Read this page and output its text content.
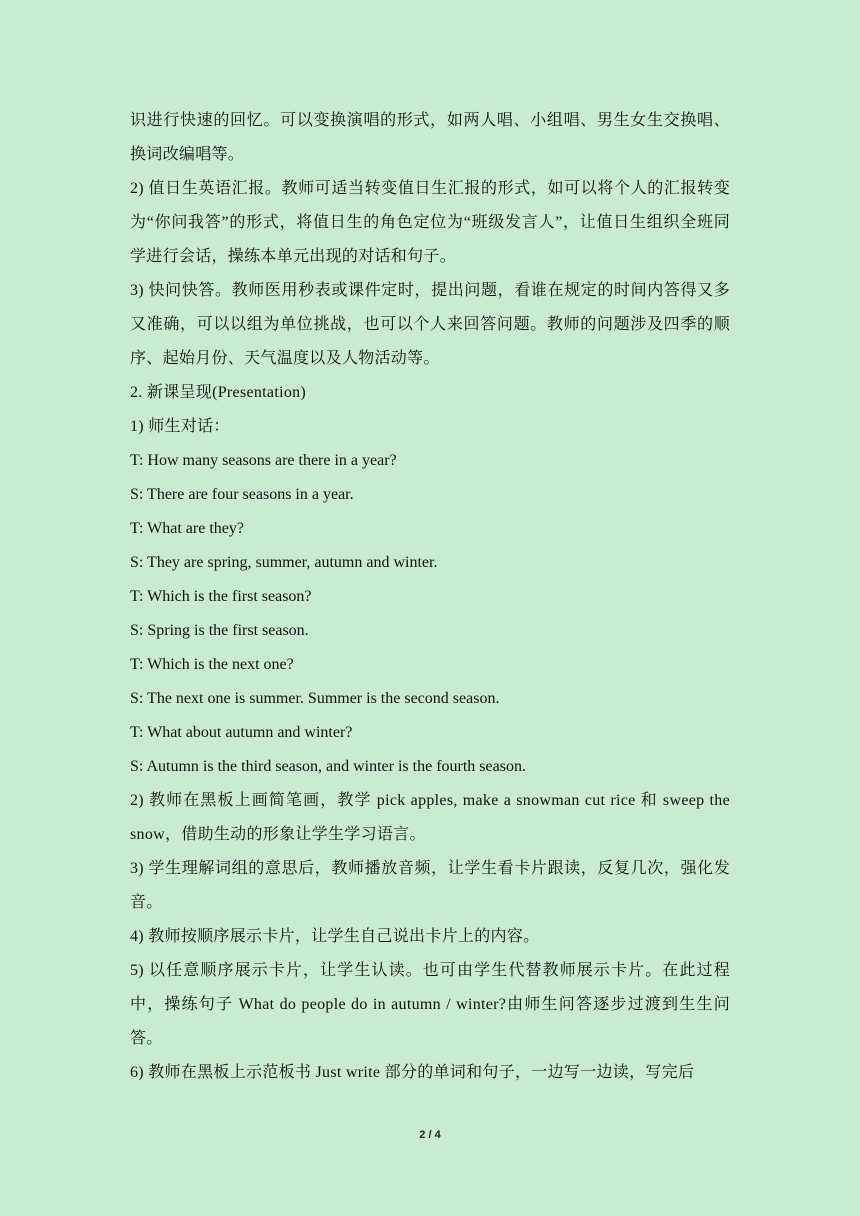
识进行快速的回忆。可以变换演唱的形式，如两人唱、小组唱、男生女生交换唱、换词改编唱等。

2) 值日生英语汇报。教师可适当转变值日生汇报的形式，如可以将个人的汇报转变为“你问我答”的形式，将值日生的角色定位为“班级发言人”，让值日生组织全班同学进行会话，操练本单元出现的对话和句子。

3) 快问快答。教师医用秒表或课件定时，提出问题，看谁在规定的时间内答得又多又准确，可以以组为单位挑战，也可以个人来回答问题。教师的问题涉及四季的顺序、起始月份、天气温度以及人物活动等。

2. 新课呈现(Presentation)

1) 师生对话：

T: How many seasons are there in a year?

S: There are four seasons in a year.

T: What are they?

S: They are spring, summer, autumn and winter.

T: Which is the first season?

S: Spring is the first season.

T: Which is the next one?

S: The next one is summer. Summer is the second season.

T: What about autumn and winter?

S: Autumn is the third season, and winter is the fourth season.

2) 教师在黑板上画简笔画，教学 pick apples, make a snowman cut rice 和 sweep the snow，借助生动的形象让学生学习语言。

3) 学生理解词组的意思后，教师播放音频，让学生看卡片跟读，反复几次，强化发音。

4) 教师按顺序展示卡片，让学生自己说出卡片上的内容。

5) 以任意顺序展示卡片，让学生认读。也可由学生代替教师展示卡片。在此过程中，操练句子 What do people do in autumn / winter?由师生问答逐步过渡到生生问答。

6) 教师在黑板上示范板书 Just write 部分的单词和句子，一边写一边读，写完后

2 / 4
